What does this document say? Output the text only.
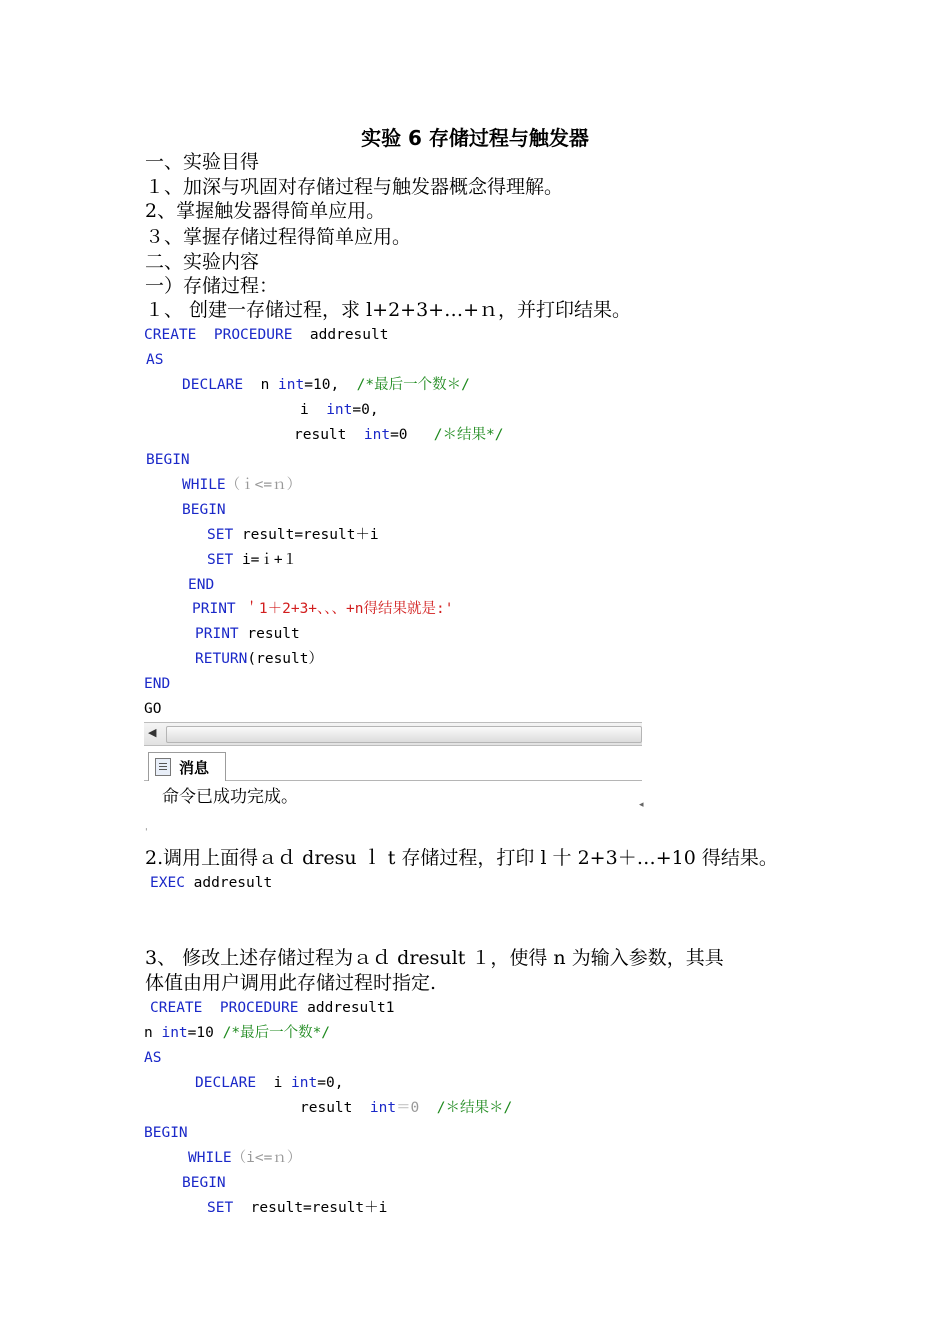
实验 6 存储过程与触发器
一、实验目得
１、加深与巩固对存储过程与触发器概念得理解。
2、掌握触发器得简单应用。
３、掌握存储过程得简单应用。
二、实验内容
一）存储过程：
１、 创建一存储过程，求 l+2+3+…+ｎ，并打印结果。
CREATE PROCEDURE addresult
AS
DECLARE n int=10, /*最后一个数＊/
i int=0,
result int=0 /＊结果*/
BEGIN
WHILE（ｉ<=ｎ）
BEGIN
SET result=result＋i
SET i=ｉ+１
END
PRINT ＇1＋2+3+、、、+n得结果就是:'
PRINT result
RETURN(result）
END
GO
◀
消息
命令已成功完成。	◂
ˌ
2.调用上面得ａｄ dresu ｌ t 存储过程，打印 l 十 2+3＋…+10 得结果。
EXEC addresult
3、 修改上述存储过程为ａｄ dresult １，使得 n 为输入参数，其具
体值由用户调用此存储过程时指定.
CREATE PROCEDURE addresult1
n int=10 /*最后一个数*/
AS
DECLARE i int=0,
result int＝0 /＊结果＊/
BEGIN
WHILE（i<=ｎ）
BEGIN
SET result=result＋i
